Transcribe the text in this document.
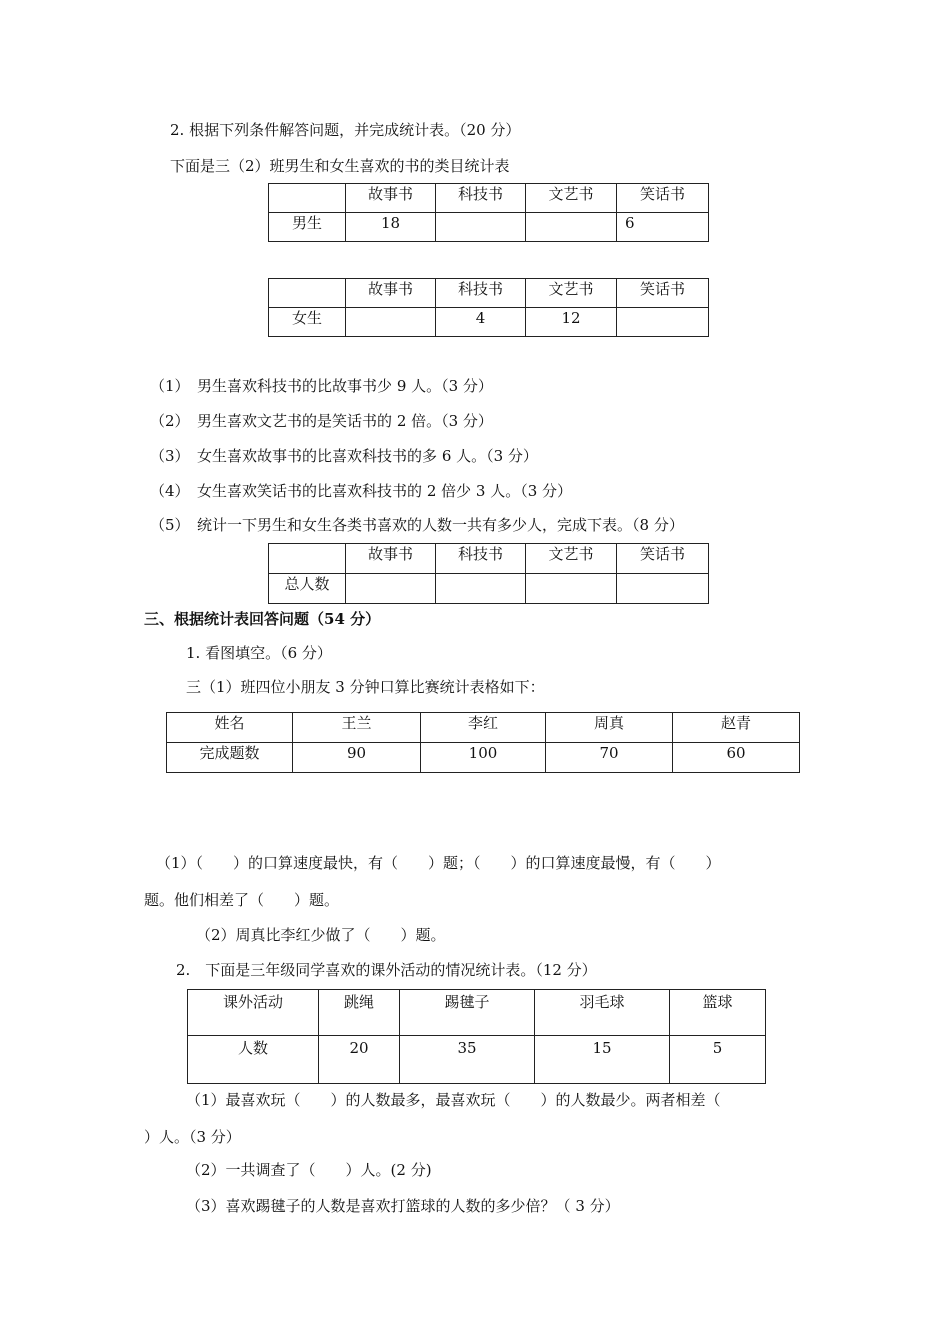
2. 根据下列条件解答问题，并完成统计表。（20 分）
下面是三（2）班男生和女生喜欢的书的类目统计表
	故事书	科技书	文艺书	笑话书
男生	18			6
	故事书	科技书	文艺书	笑话书
女生		4	12	
（1）　男生喜欢科技书的比故事书少 9 人。（3 分）
（2）　男生喜欢文艺书的是笑话书的 2 倍。（3 分）
（3）　女生喜欢故事书的比喜欢科技书的多 6 人。（3 分）
（4）　女生喜欢笑话书的比喜欢科技书的 2 倍少 3 人。（3 分）
（5）　统计一下男生和女生各类书喜欢的人数一共有多少人，完成下表。（8 分）
	故事书	科技书	文艺书	笑话书
总人数				
三、根据统计表回答问题（54 分）
1. 看图填空。（6 分）
三（1）班四位小朋友 3 分钟口算比赛统计表格如下：
姓名	王兰	李红	周真	赵青
完成题数	90	100	70	60
（1）（　　）的口算速度最快，有（　　）题；（　　）的口算速度最慢，有（　　）
题。他们相差了（　　）题。
（2）周真比李红少做了（　　）题。
2.　下面是三年级同学喜欢的课外活动的情况统计表。（12 分）
课外活动	跳绳	踢毽子	羽毛球	篮球
人数	20	35	15	5
（1）最喜欢玩（　　）的人数最多，最喜欢玩（　　）的人数最少。两者相差（
）人。（3 分）
（2）一共调查了（　　）人。(2 分)
（3）喜欢踢毽子的人数是喜欢打篮球的人数的多少倍？（ 3 分）
